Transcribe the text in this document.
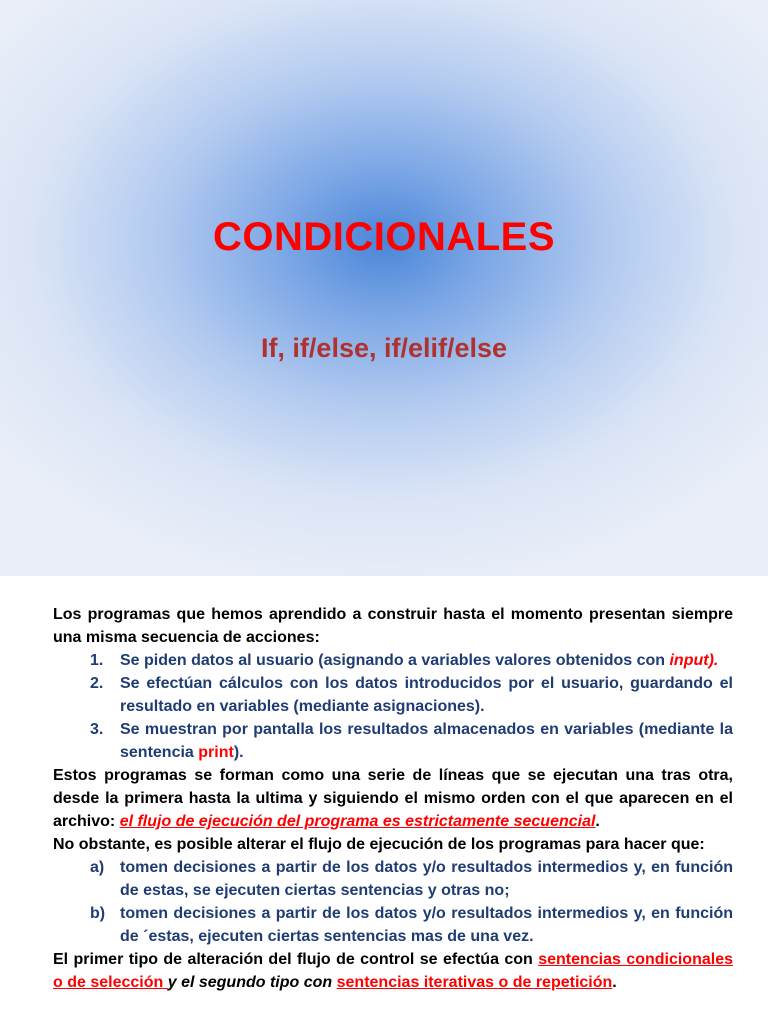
CONDICIONALES
If, if/else, if/elif/else

Los programas que hemos aprendido a construir hasta el momento presentan siempre una misma secuencia de acciones:

1. Se piden datos al usuario (asignando a variables valores obtenidos con input).
2. Se efectúan cálculos con los datos introducidos por el usuario, guardando el resultado en variables (mediante asignaciones).
3. Se muestran por pantalla los resultados almacenados en variables (mediante la sentencia print).

Estos programas se forman como una serie de líneas que se ejecutan una tras otra, desde la primera hasta la ultima y siguiendo el mismo orden con el que aparecen en el archivo: el flujo de ejecución del programa es estrictamente secuencial.

No obstante, es posible alterar el flujo de ejecución de los programas para hacer que:

a) tomen decisiones a partir de los datos y/o resultados intermedios y, en función de estas, se ejecuten ciertas sentencias y otras no;
b) tomen decisiones a partir de los datos y/o resultados intermedios y, en función de ´estas, ejecuten ciertas sentencias mas de una vez.

El primer tipo de alteración del flujo de control se efectúa con sentencias condicionales o de selección y el segundo tipo con sentencias iterativas o de repetición.
